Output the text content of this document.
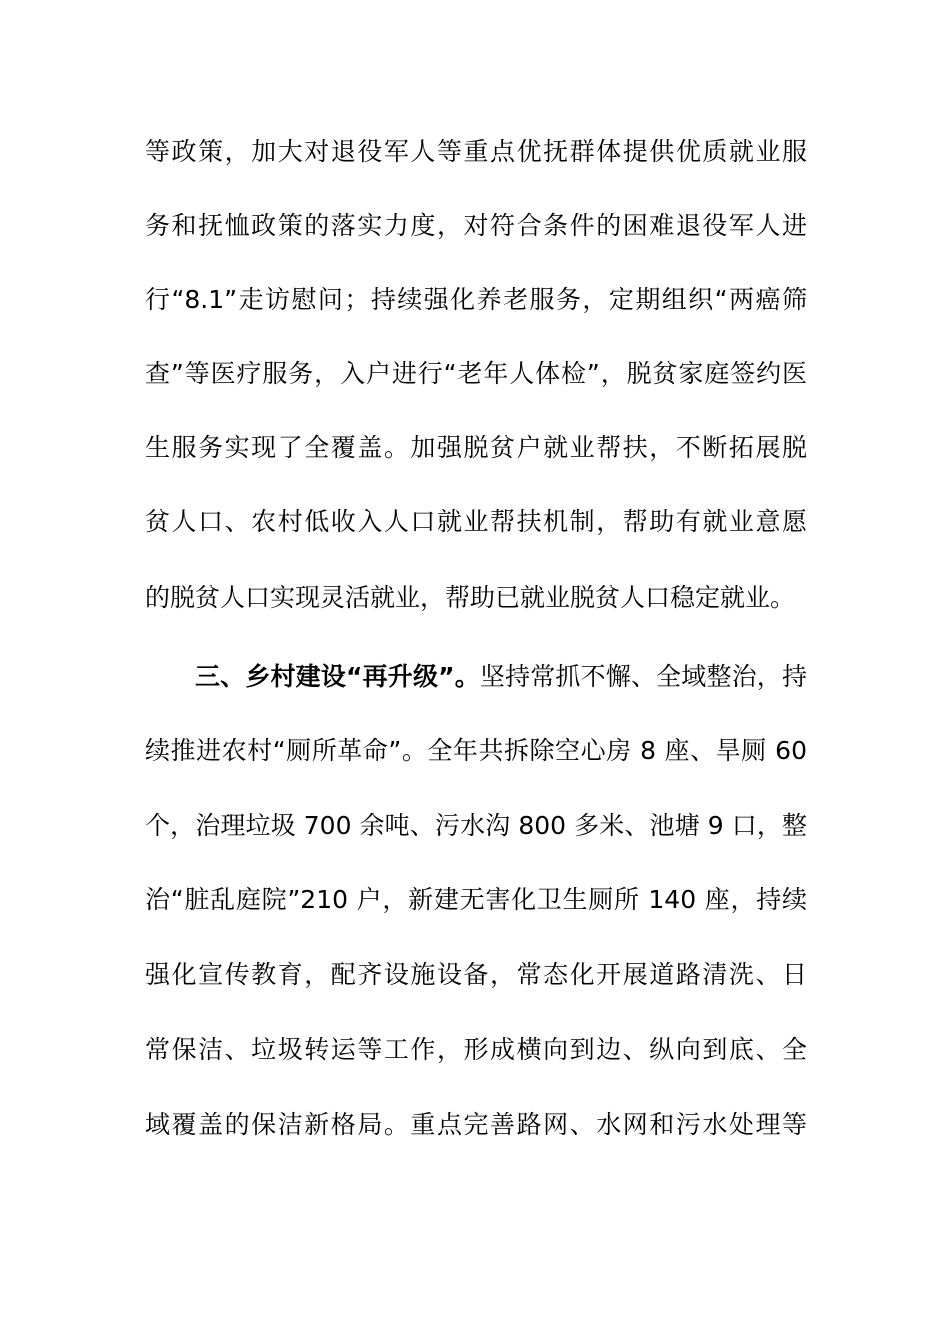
等政策，加大对退役军人等重点优抚群体提供优质就业服
务和抚恤政策的落实力度，对符合条件的困难退役军人进
行“8.1”走访慰问；持续强化养老服务，定期组织“两癌筛
查”等医疗服务，入户进行“老年人体检”，脱贫家庭签约医
生服务实现了全覆盖。加强脱贫户就业帮扶，不断拓展脱
贫人口、农村低收入人口就业帮扶机制，帮助有就业意愿
的脱贫人口实现灵活就业，帮助已就业脱贫人口稳定就业。
三、乡村建设“再升级”。坚持常抓不懈、全域整治，持
续推进农村“厕所革命”。全年共拆除空心房 8 座、旱厕 60
个，治理垃圾 700 余吨、污水沟 800 多米、池塘 9 口，整
治“脏乱庭院”210 户，新建无害化卫生厕所 140 座，持续
强化宣传教育，配齐设施设备，常态化开展道路清洗、日
常保洁、垃圾转运等工作，形成横向到边、纵向到底、全
域覆盖的保洁新格局。重点完善路网、水网和污水处理等
